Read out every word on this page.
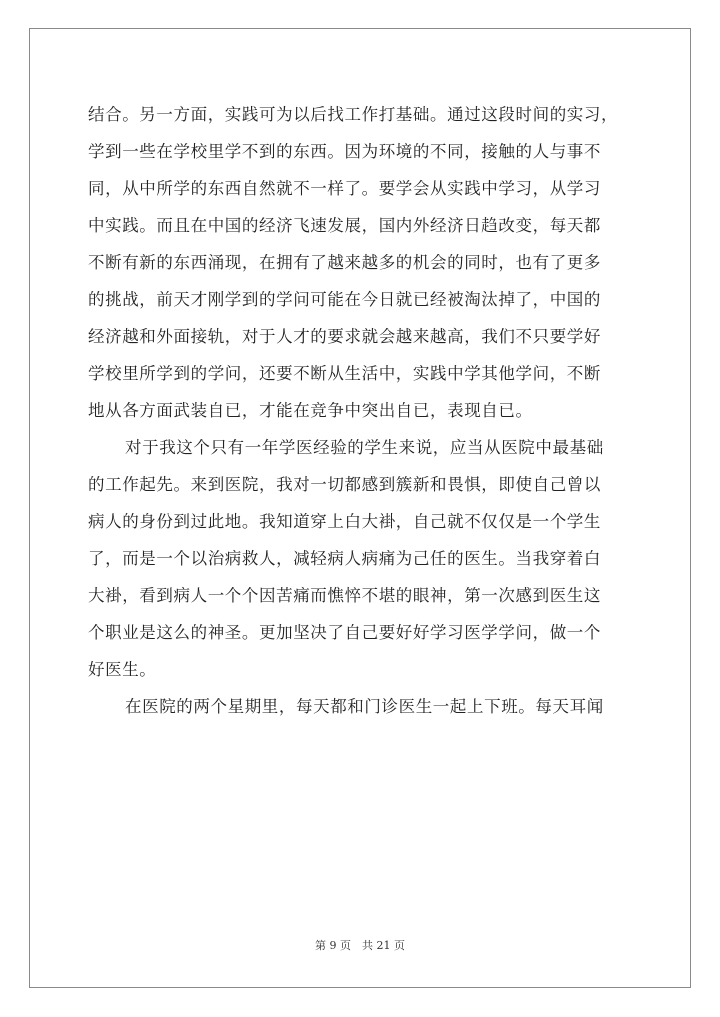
结合。另一方面，实践可为以后找工作打基础。通过这段时间的实习，
学到一些在学校里学不到的东西。因为环境的不同，接触的人与事不
同，从中所学的东西自然就不一样了。要学会从实践中学习，从学习
中实践。而且在中国的经济飞速发展，国内外经济日趋改变，每天都
不断有新的东西涌现，在拥有了越来越多的机会的同时，也有了更多
的挑战，前天才刚学到的学问可能在今日就已经被淘汰掉了，中国的
经济越和外面接轨，对于人才的要求就会越来越高，我们不只要学好
学校里所学到的学问，还要不断从生活中，实践中学其他学问，不断
地从各方面武装自已，才能在竞争中突出自已，表现自已。
对于我这个只有一年学医经验的学生来说，应当从医院中最基础
的工作起先。来到医院，我对一切都感到簇新和畏惧，即使自己曾以
病人的身份到过此地。我知道穿上白大褂，自己就不仅仅是一个学生
了，而是一个以治病救人，减轻病人病痛为己任的医生。当我穿着白
大褂，看到病人一个个因苦痛而憔悴不堪的眼神，第一次感到医生这
个职业是这么的神圣。更加坚决了自己要好好学习医学学问，做一个
好医生。
在医院的两个星期里，每天都和门诊医生一起上下班。每天耳闻
第 9 页　共 21 页
